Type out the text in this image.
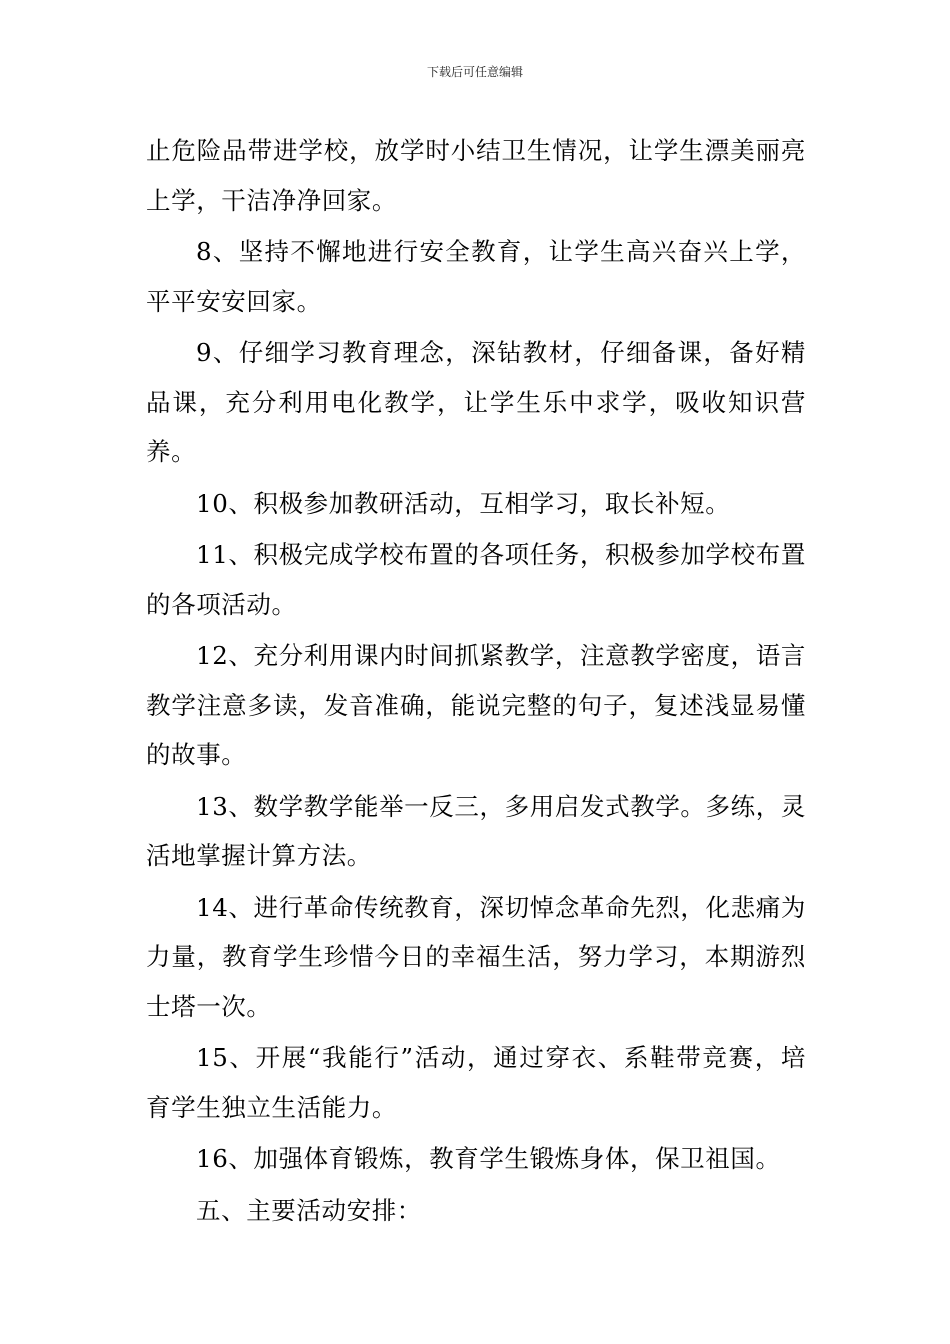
下载后可任意编辑

止危险品带进学校，放学时小结卫生情况，让学生漂美丽亮上学，干洁净净回家。

8、坚持不懈地进行安全教育，让学生高兴奋兴上学，平平安安回家。

9、仔细学习教育理念，深钻教材，仔细备课，备好精品课，充分利用电化教学，让学生乐中求学，吸收知识营养。

10、积极参加教研活动，互相学习，取长补短。

11、积极完成学校布置的各项任务，积极参加学校布置的各项活动。

12、充分利用课内时间抓紧教学，注意教学密度，语言教学注意多读，发音准确，能说完整的句子，复述浅显易懂的故事。

13、数学教学能举一反三，多用启发式教学。多练，灵活地掌握计算方法。

14、进行革命传统教育，深切悼念革命先烈，化悲痛为力量，教育学生珍惜今日的幸福生活，努力学习，本期游烈士塔一次。

15、开展“我能行”活动，通过穿衣、系鞋带竞赛，培育学生独立生活能力。

16、加强体育锻炼，教育学生锻炼身体，保卫祖国。

五、主要活动安排：
